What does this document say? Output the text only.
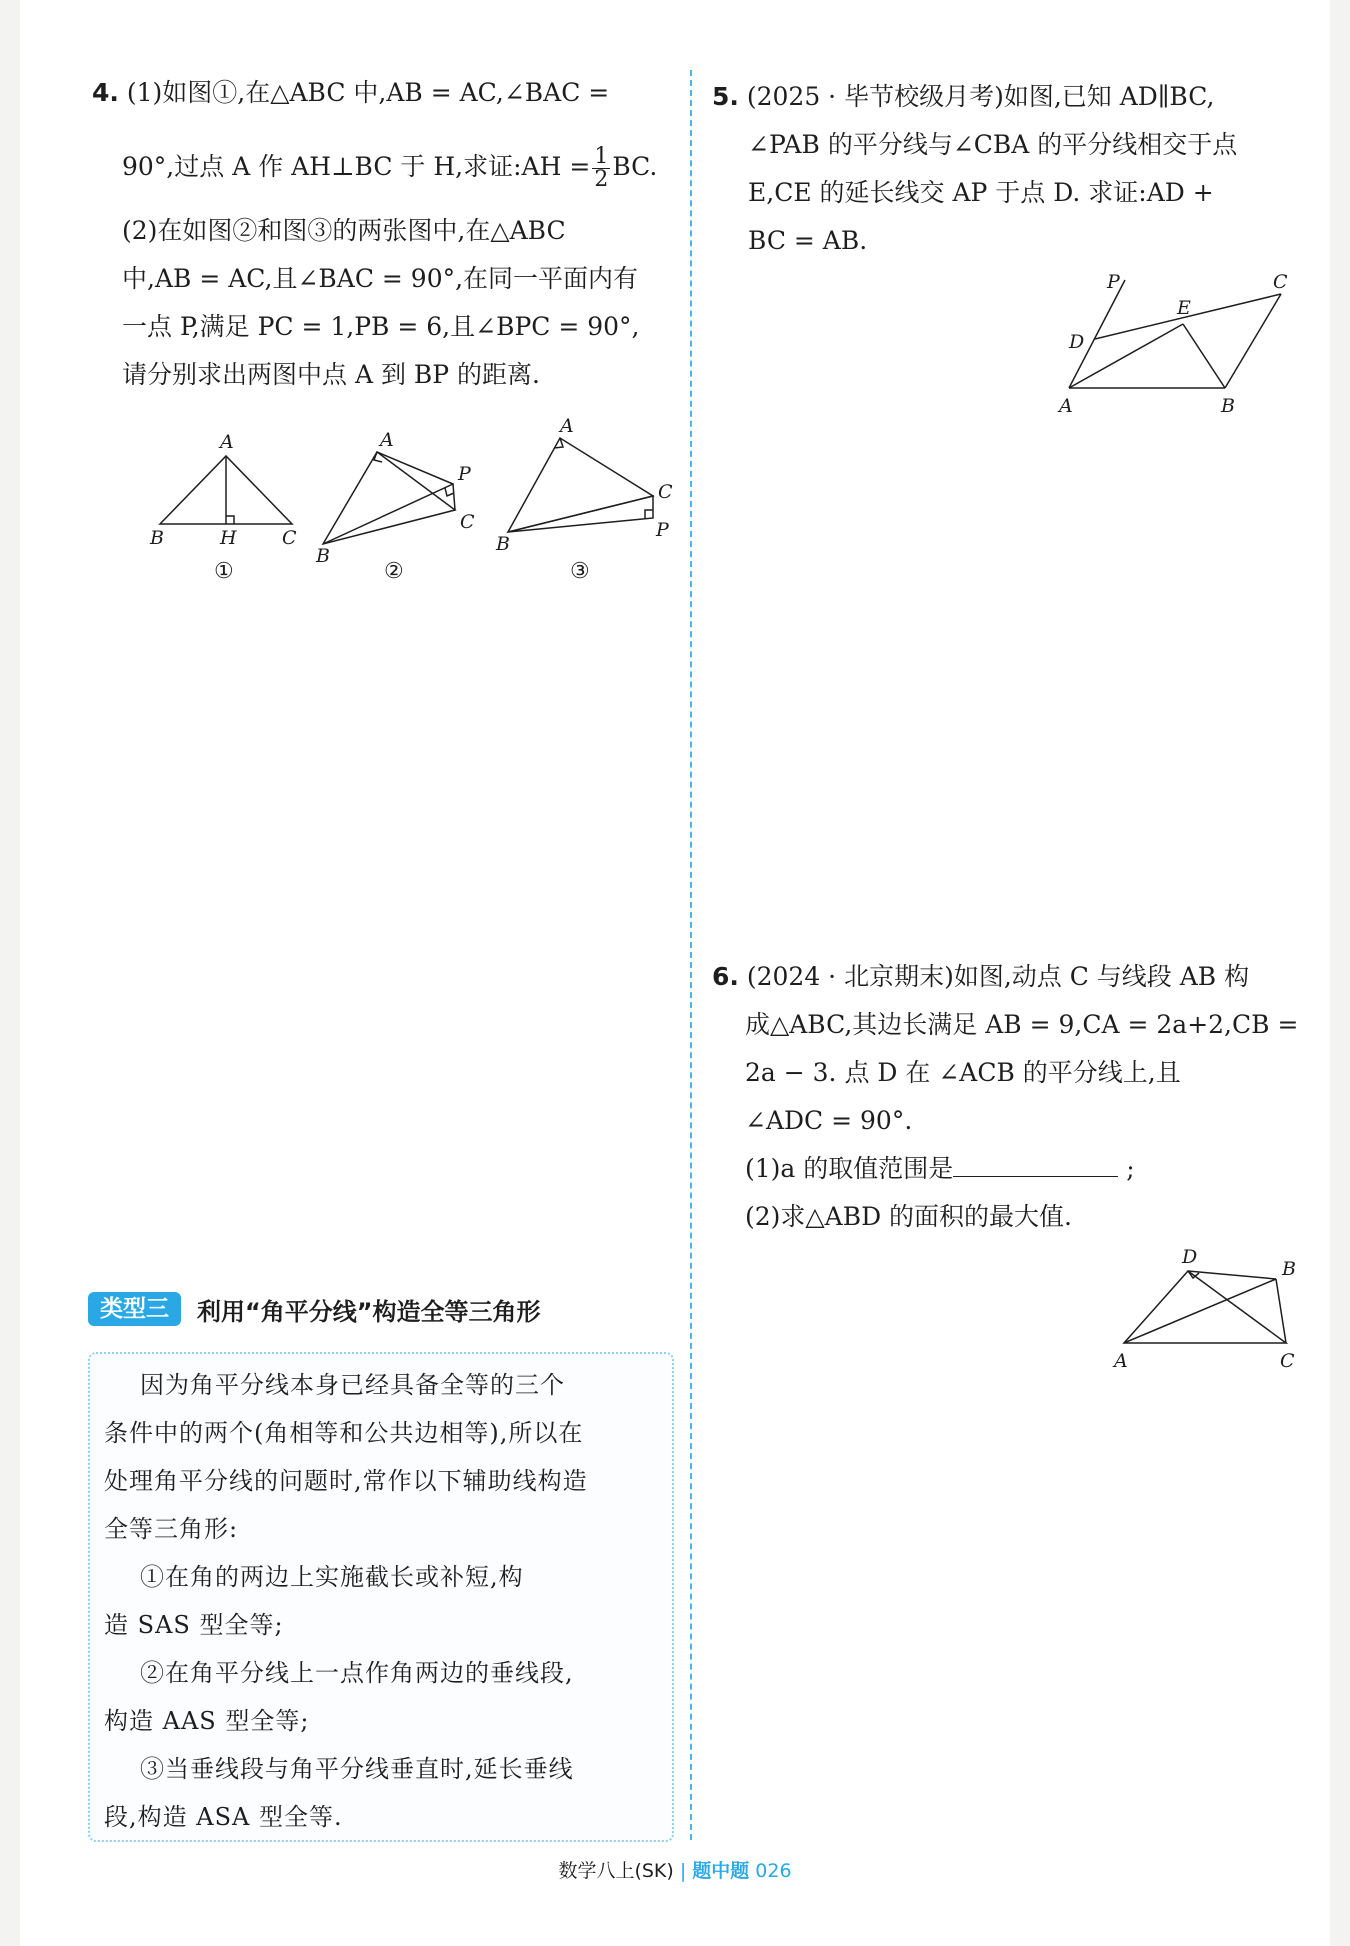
4. (1)如图①,在△ABC 中,AB = AC,∠BAC =
90°,过点 A 作 AH⊥BC 于 H,求证:AH = $\frac{1}{2}$ BC.
(2)在如图②和图③的两张图中,在△ABC
中,AB = AC,且∠BAC = 90°,在同一平面内有
一点 P,满足 PC = 1,PB = 6,且∠BPC = 90°,
请分别求出两图中点 A 到 BP 的距离.
A
B	H C
①
A
P
C
B
②
A
C
P
B
③
5. (2025 · 毕节校级月考)如图,已知 AD∥BC,
∠PAB 的平分线与∠CBA 的平分线相交于点
E,CE 的延长线交 AP 于点 D. 求证:AD +
BC = AB.
P
E
C
D
A	B
6. (2024 · 北京期末)如图,动点 C 与线段 AB 构
成△ABC,其边长满足 AB = 9,CA = 2a+2,CB =
2a − 3. 点 D 在 ∠ACB 的平分线上,且
∠ADC = 90°.
(1)a 的取值范围是	;
(2)求△ABD 的面积的最大值.
D
B
A	C
类型三	利用“角平分线”构造全等三角形
因为角平分线本身已经具备全等的三个
条件中的两个(角相等和公共边相等),所以在
处理角平分线的问题时,常作以下辅助线构造
全等三角形:
①在角的两边上实施截长或补短,构
造 SAS 型全等;
②在角平分线上一点作角两边的垂线段,
构造 AAS 型全等;
③当垂线段与角平分线垂直时,延长垂线
段,构造 ASA 型全等.
数学八上(SK) | 题中题 026
